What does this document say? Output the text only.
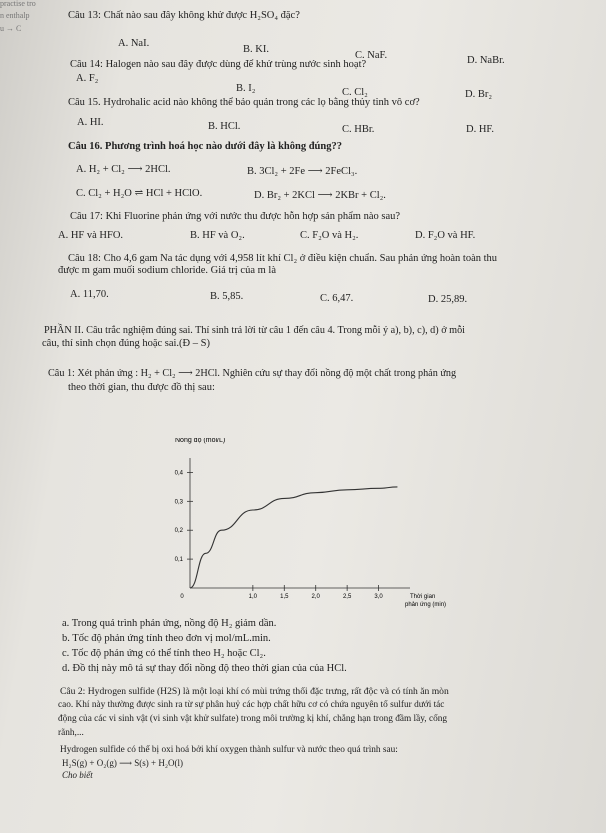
practise tro
n enthalp
u → C
Câu 13: Chất nào sau đây không khử được H₂SO₄ đặc?
A. NaI.
B. KI.
C. NaF.	D. NaBr.
Câu 14: Halogen nào sau đây được dùng để khử trùng nước sinh hoạt?
A. F₂
B. I₂	C. Cl₂	D. Br₂
Câu 15. Hydrohalic acid nào không thể bảo quản trong các lọ bằng thủy tinh vô cơ?
A. HI.	B. HCl.	C. HBr.	D. HF.
Câu 16. Phương trình hoá học nào dưới đây là không đúng??
A. H₂ + Cl₂ ⟶ 2HCl.	B. 3Cl₂ + 2Fe ⟶ 2FeCl₃.
C. Cl₂ + H₂O ⇌ HCl + HClO.	D. Br₂ + 2KCl ⟶ 2KBr + Cl₂.
Câu 17: Khi Fluorine phản ứng với nước thu được hỗn hợp sản phẩm nào sau?
A. HF và HFO.	B. HF và O₂.	C. F₂O và H₂.	D. F₂O và HF.
Câu 18: Cho 4,6 gam Na tác dụng với 4,958 lít khí Cl₂ ở điều kiện chuẩn. Sau phản ứng hoàn toàn thu
được m gam muối sodium chloride. Giá trị của m là
A. 11,70.	B. 5,85.	C. 6,47.	D. 25,89.
PHẦN II. Câu trắc nghiệm đúng sai. Thí sinh trả lời từ câu 1 đến câu 4. Trong mỗi ý a), b), c), d) ở mỗi
câu, thí sinh chọn đúng hoặc sai.(Đ – S)
Câu 1: Xét phản ứng : H₂ + Cl₂ ⟶ 2HCl. Nghiên cứu sự thay đổi nồng độ một chất trong phản ứng
theo thời gian, thu được đồ thị sau:
Nồng độ (mol/L)
0,1
0,2
0,3
0,4
0	1,0	1,5	2,0	2,5	3,0	Thời gian
phản ứng (min)
a. Trong quá trình phản ứng, nồng độ H₂ giảm dần.
b. Tốc độ phản ứng tính theo đơn vị mol/mL.min.
c. Tốc độ phản ứng có thể tính theo H₂ hoặc Cl₂.
d. Đồ thị này mô tả sự thay đổi nồng độ theo thời gian của của HCl.
Câu 2: Hydrogen sulfide (H2S) là một loại khí có mùi trứng thối đặc trưng, rất độc và có tính ăn mòn
cao. Khí này thường được sinh ra từ sự phân huỷ các hợp chất hữu cơ có chứa nguyên tố sulfur dưới tác
động của các vi sinh vật (vi sinh vật khử sulfate) trong môi trường kị khí, chẳng hạn trong đầm lầy, cống
rãnh,...
Hydrogen sulfide có thể bị oxi hoá bởi khí oxygen thành sulfur và nước theo quá trình sau:
H₂S(g) + O₂(g) ⟶ S(s) + H₂O(l)
Cho biết
